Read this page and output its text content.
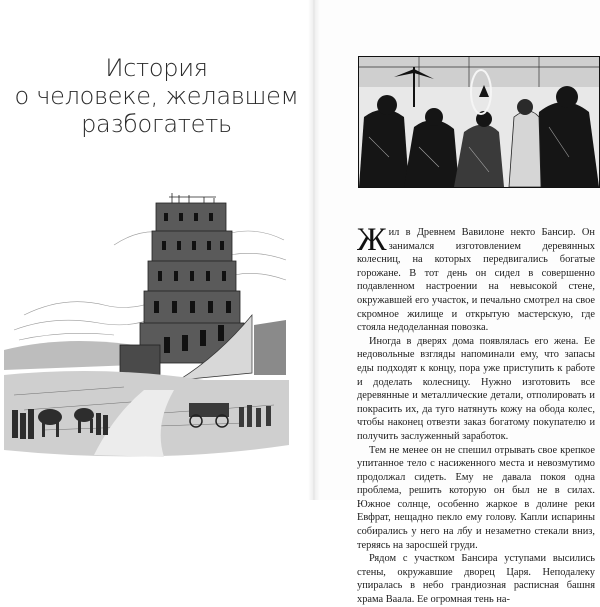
История
о человеке, желавшем
разбогатеть

Жил в Древнем Вавилоне некто Бансир. Он занимался изготовлением деревянных колесниц, на которых передвигались богатые горожане. В тот день он сидел в совершенно подавленном настроении на невысокой стене, окружавшей его участок, и печально смотрел на свое скромное жилище и открытую мастерскую, где стояла недоделанная повозка.

Иногда в дверях дома появлялась его жена. Ее недовольные взгляды напоминали ему, что запасы еды подходят к концу, пора уже приступить к работе и доделать колесницу. Нужно изготовить все деревянные и металлические детали, отполировать и покрасить их, да туго натянуть кожу на обода колес, чтобы наконец отвезти заказ богатому покупателю и получить заслуженный заработок.

Тем не менее он не спешил отрывать свое крепкое упитанное тело с насиженного места и невозмутимо продолжал сидеть. Ему не давала покоя одна проблема, решить которую он был не в силах. Южное солнце, особенно жаркое в долине реки Евфрат, нещадно пекло ему голову. Капли испарины собирались у него на лбу и незаметно стекали вниз, теряясь на заросшей груди.

Рядом с участком Бансира уступами высились стены, окружавшие дворец Царя. Неподалеку упиралась в небо грандиозная расписная башня храма Ваала. Ее огромная тень на-
